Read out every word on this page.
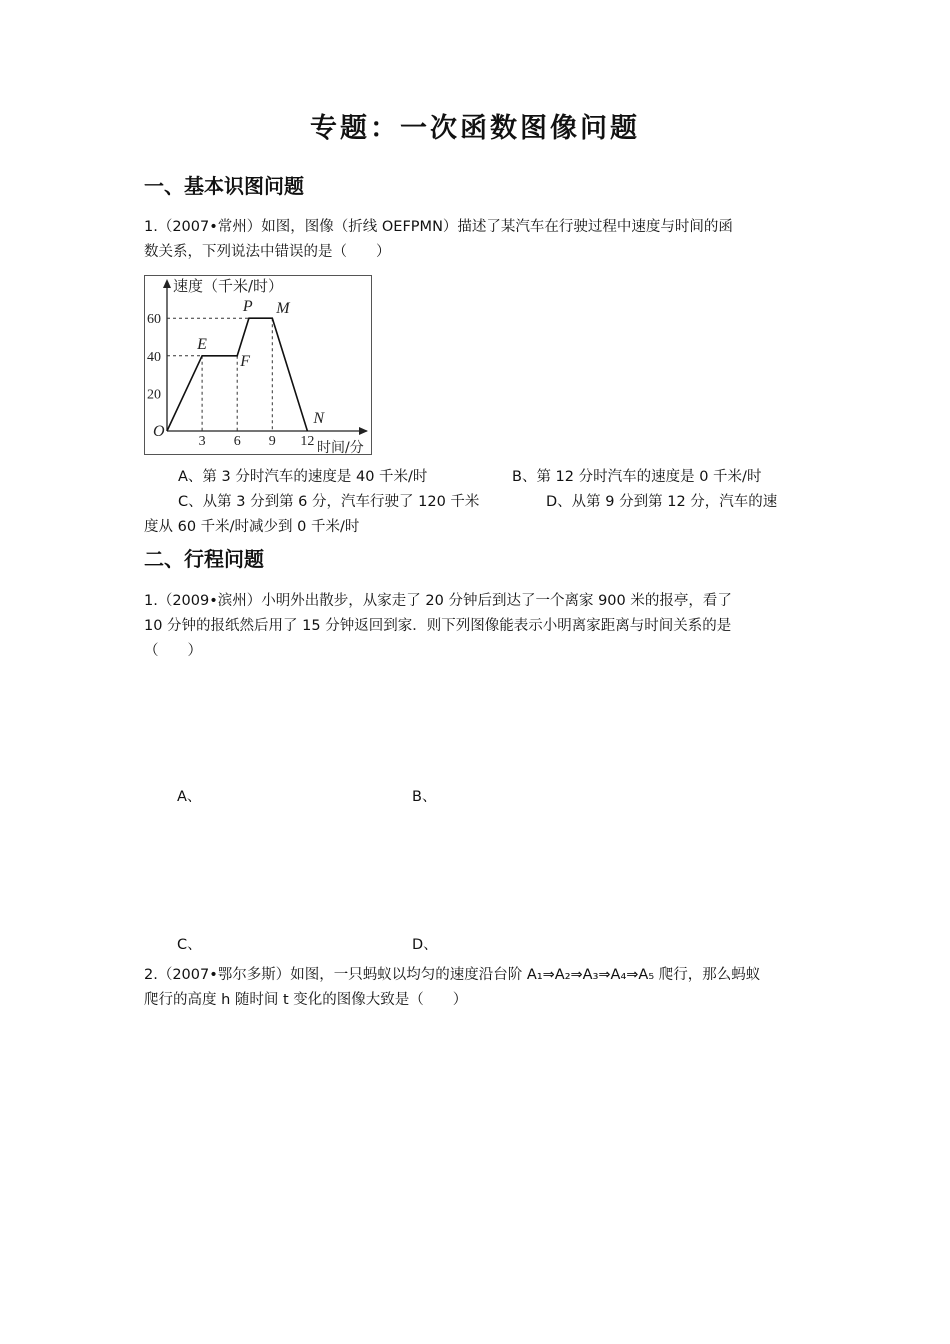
专题：一次函数图像问题
一、基本识图问题
1.（2007•常州）如图，图像（折线 OEFPMN）描述了某汽车在行驶过程中速度与时间的函
数关系，下列说法中错误的是（　　）
速度（千米/时）
时间/分
20
40
60
3 6 9 12
O
E
F
P M
N
A、第 3 分时汽车的速度是 40 千米/时	B、第 12 分时汽车的速度是 0 千米/时
C、从第 3 分到第 6 分，汽车行驶了 120 千米	D、从第 9 分到第 12 分，汽车的速
度从 60 千米/时减少到 0 千米/时
二、行程问题
1.（2009•滨州）小明外出散步，从家走了 20 分钟后到达了一个离家 900 米的报亭，看了
10 分钟的报纸然后用了 15 分钟返回到家．则下列图像能表示小明离家距离与时间关系的是
（　　）
A、	B、
C、	D、
2.（2007•鄂尔多斯）如图，一只蚂蚁以均匀的速度沿台阶 A₁⇒A₂⇒A₃⇒A₄⇒A₅ 爬行，那么蚂蚁
爬行的高度 h 随时间 t 变化的图像大致是（　　）
